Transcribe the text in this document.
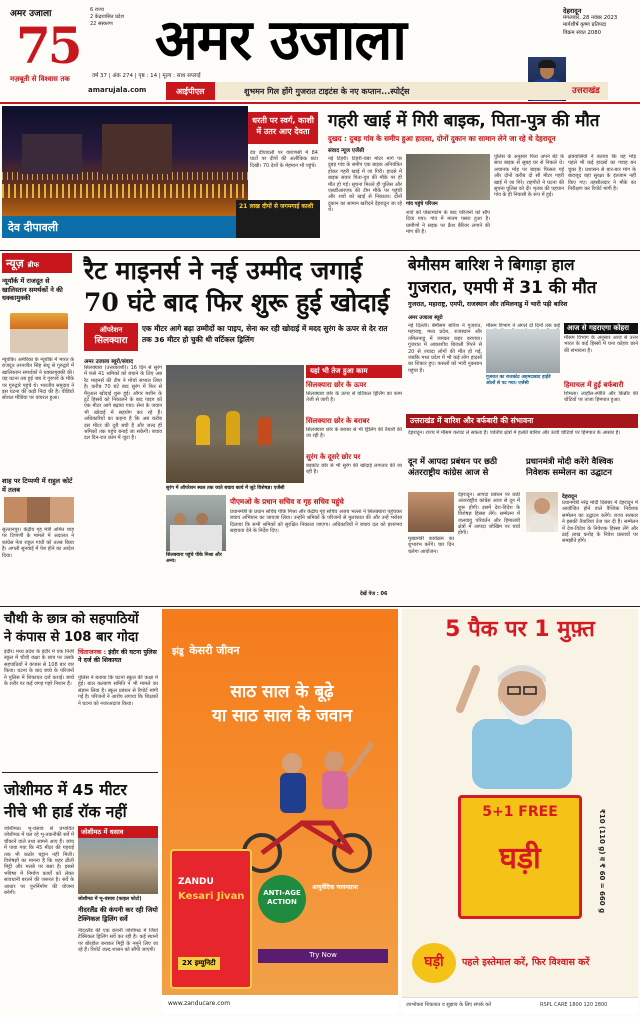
अमर उजाला
75
मज़बूती से विश्वास तक
6 राज्य
2 केंद्रशासित प्रदेश
22 संस्करण अमर उजाला
वर्ष 37 | अंक 274 | पृष्ठ : 14 | मूल्य : साथ सप्लाई
देहरादून
मंगलवार, 28 नवंबर 2023
मार्गशीर्ष कृष्ण प्रतिपदा
विक्रम संवत 2080
amarujala.com	आईपीएल	शुभमन गिल होंगे गुजरात टाइटंस के नए कप्तान...स्पोर्ट्स	उत्तराखंड
धरती पर स्वर्ग, काशी में उतर आए देवता
देव दीपावली पर वाराणसी में 84 घाटों पर दीपों की अलौकिक छटा दिखी। 70 देशों के मेहमान भी पहुंचे।
देव दीपावली
21 लाख दीपों से जगमगाई काशी
गहरी खाई में गिरी बाइक, पिता-पुत्र की मौत
दुखद : दुबड़ गांव के समीप हुआ हादसा, दोनों दुकान का सामान लेने जा रहे थे देहरादून
संवाद न्यूज एजेंसी
नई टिहरी। टिहरी-चंबा मोटर मार्ग पर दुबड़ गांव के समीप एक बाइक अनियंत्रित होकर गहरी खाई में जा गिरी। हादसे में बाइक सवार पिता-पुत्र की मौके पर ही मौत हो गई। सूचना मिलते ही पुलिस और एसडीआरएफ की टीम मौके पर पहुंची और शवों को खाई से निकाला। दोनों दुकान का सामान खरीदने देहरादून जा रहे थे।
गांव पहुंचे परिजन
शवों को पोस्टमार्टम के बाद परिजनों को सौंप दिया गया। गांव में मातम पसरा हुआ है। ग्रामीणों ने सड़क पर क्रैश बैरियर लगाने की मांग की है।
पुलिस के अनुसार पिता अपने बेटे के साथ बाइक से सुबह घर से निकले थे। अचानक मोड़ पर बाइक फिसल गई और दोनों करीब दो सौ मीटर गहरी खाई में जा गिरे। राहगीरों ने घटना की सूचना पुलिस को दी। मृतक की पहचान गांव के ही निवासी के रूप में हुई।
क्षेत्रवासियों ने बताया कि यह मोड़ पहले भी कई हादसों का गवाह बन चुका है। प्रशासन से बार-बार मांग के बावजूद यहां सुरक्षा के इंतजाम नहीं किए गए। तहसीलदार ने मौके का निरीक्षण कर रिपोर्ट मांगी है।
न्यूज़ ब्रीफ
न्यूयॉर्क में राजदूत से खालिस्तान समर्थकों ने की धक्कामुक्की
न्यूयॉर्क। अमेरिका के न्यूयॉर्क में भारत के राजदूत तरनजीत सिंह संधू से गुरुद्वारे में खालिस्तान समर्थकों ने धक्कामुक्की की। यह घटना तब हुई जब वे गुरुपर्व के मौके पर गुरुद्वारे पहुंचे थे। भारतीय समुदाय ने इस घटना की कड़ी निंदा की है। वीडियो सोशल मीडिया पर वायरल हुआ।
शाह पर टिप्पणी में राहुल कोर्ट में तलब
सुल्तानपुर। केंद्रीय गृह मंत्री अमित शाह पर टिप्पणी के मामले में अदालत ने कांग्रेस नेता राहुल गांधी को तलब किया है। अगली सुनवाई में पेश होने का आदेश दिया।
रैट माइनर्स ने नई उम्मीद जगाई
70 घंटे बाद फिर शुरू हुई खोदाई
ऑपरेशन
सिलक्यारा
एक मीटर आगे बढ़ा उम्मीदों का पाइप, सेना कर रही खोदाई में मदद सुरंग के ऊपर से देर रात तक 36 मीटर हो चुकी थी वर्टिकल ड्रिलिंग
अमर उजाला ब्यूरो/संवाद
सिलक्यारा (उत्तरकाशी)। 16 दिन से सुरंग में फंसे 41 श्रमिकों को बचाने के लिए अब रैट माइनर्स की टीम ने मोर्चा संभाल लिया है। करीब 70 घंटे बाद सुरंग में फिर से मैनुअल खोदाई शुरू हुई। ऑगर मशीन के टूटे हिस्सों को निकालने के बाद पाइप को एक मीटर आगे बढ़ाया गया। सेना के जवान भी खोदाई में सहयोग कर रहे हैं। अधिकारियों का कहना है कि अब करीब दस मीटर की दूरी बची है और जल्द ही श्रमिकों तक पहुंच बनाई जा सकेगी। बचाव दल दिन-रात काम में जुटा है।
सुरंग में ऑपरेशन स्थल तक जाते बचाव कार्य में जुटे विशेषज्ञ। एजेंसी
यहां भी तेज हुआ काम
सिलक्यारा छोर के ऊपर
सिलक्यारा छोर के ऊपर से वर्टिकल ड्रिलिंग का काम तेजी से जारी है।
सिलक्यारा छोर के बराबर
सिलक्यारा छोर के बराबर से भी ड्रिलिंग की तैयारी की जा रही है।
सुरंग के दूसरे छोर पर
बड़कोट छोर से भी सुरंग की खोदाई लगातार की जा रही है।
सिलक्यारा पहुंचे पीके मिश्रा और अन्य।
पीएमओ के प्रधान सचिव व गृह सचिव पहुंचे
प्रधानमंत्री के प्रधान सचिव पीके मिश्रा और केंद्रीय गृह सचिव अजय भल्ला ने सिलक्यारा पहुंचकर बचाव अभियान का जायजा लिया। उन्होंने श्रमिकों के परिजनों से मुलाकात की और उन्हें भरोसा दिलाया कि सभी श्रमिकों को सुरक्षित निकाला जाएगा। अधिकारियों ने बचाव दल को हरसंभव सहायता देने के निर्देश दिए।
देखें पेज : 06
बेमौसम बारिश ने बिगाड़ा हाल
गुजरात, एमपी में 31 की मौत
गुजरात, महाराष्ट्र, एमपी, राजस्थान और तमिलनाडु में भारी पड़ी बारिश
अमर उजाला ब्यूरो
नई दिल्ली। बेमौसम बारिश ने गुजरात, महाराष्ट्र, मध्य प्रदेश, राजस्थान और तमिलनाडु में जमकर कहर बरपाया। गुजरात में आकाशीय बिजली गिरने से 20 से ज्यादा लोगों की मौत हो गई, जबकि मध्य प्रदेश में भी कई लोग हादसों का शिकार हुए। फसलों को भारी नुकसान पहुंचा है।
मौसम विभाग ने अगले दो दिनों तक कई
गुजरात का राजकोट अहमदाबाद हाईवे ओलों से पट गया। एजेंसी
आज से गहराएगा कोहरा
मौसम विभाग के अनुसार आज से उत्तर भारत के कई हिस्सों में घना कोहरा छाने की संभावना है।
हिमाचल में हुई बर्फबारी
शिमला। लाहौल-स्पीति और किन्नौर की चोटियों पर ताजा हिमपात हुआ।
उत्तराखंड में बारिश और बर्फबारी की संभावना
देहरादून। राज्य में मौसम करवट ले सकता है। पर्वतीय क्षेत्रों में हल्की बारिश और ऊंची चोटियों पर हिमपात के आसार हैं।
दून में आपदा प्रबंधन पर छठी अंतरराष्ट्रीय कांग्रेस आज से
देहरादून। आपदा प्रबंधन पर छठी अंतरराष्ट्रीय कांग्रेस आज से दून में शुरू होगी। इसमें देश-विदेश के विशेषज्ञ हिस्सा लेंगे। सम्मेलन में जलवायु परिवर्तन और हिमालयी क्षेत्रों में आपदा जोखिम पर चर्चा होगी।
मुख्यमंत्री कार्यक्रम का शुभारंभ करेंगे। चार दिन चलेगा आयोजन।
प्रधानमंत्री मोदी करेंगे वैश्विक निवेशक सम्मेलन का उद्घाटन
देहरादून
प्रधानमंत्री नरेंद्र मोदी दिसंबर में देहरादून में आयोजित होने वाले वैश्विक निवेशक सम्मेलन का उद्घाटन करेंगे। राज्य सरकार ने इसकी तैयारियां तेज कर दी हैं। सम्मेलन में देश-विदेश के निवेशक हिस्सा लेंगे और ढाई लाख करोड़ के निवेश प्रस्तावों पर समझौते होंगे।
चौथी के छात्र को सहपाठियों
ने कंपास से 108 बार गोदा
इंदौर। मध्य प्रदेश के इंदौर में एक निजी स्कूल में चौथी कक्षा के छात्र पर उसके सहपाठियों ने कंपास से 108 बार वार किया। घटना के बाद बच्चे के परिजनों ने पुलिस में शिकायत दर्ज कराई। बच्चे के शरीर पर कई जगह गहरे निशान हैं।
चिंताजनक : इंदौर की घटना पुलिस ने दर्ज की शिकायत
पुलिस ने बताया कि घटना स्कूल की कक्षा में हुई। बाल कल्याण समिति ने भी मामले का संज्ञान लिया है। स्कूल प्रबंधन से रिपोर्ट मांगी गई है। परिजनों ने आरोप लगाया कि शिक्षकों ने घटना को नजरअंदाज किया।
जोशीमठ में 45 मीटर
नीचे भी हार्ड रॉक नहीं
जोशीमठ। भू-धंसाव से प्रभावित जोशीमठ में चल रहे भू-तकनीकी सर्वे में चौंकाने वाले तथ्य सामने आए हैं। जांच में पाया गया कि 45 मीटर की गहराई तक भी कठोर चट्टान नहीं मिली। विशेषज्ञों का मानना है कि शहर ढीली मिट्टी और मलबे पर बसा है। इससे भविष्य में निर्माण कार्यों को लेकर सावधानी बरतने की जरूरत है। सर्वे के आधार पर पुनर्निर्माण की योजना बनेगी।
जोशीमठ में धसाव
जोशीमठ में भू-धंसाव (फाइल फोटो)
नीदरलैंड की कंपनी कर रही जियो टेक्निकल ड्रिलिंग सर्वे
नीदरलैंड की एक कंपनी जोशीमठ में जियो टेक्निकल ड्रिलिंग सर्वे कर रही है। कई स्थानों पर बोरहोल बनाकर मिट्टी के नमूने लिए जा रहे हैं। रिपोर्ट जल्द शासन को सौंपी जाएगी।
झंडू केसरी जीवन
साठ साल के बूढ़े
या साठ साल के जवान
ZANDU
Kesari Jivan
2X इम्युनिटी
ANTI-AGE ACTION
आयुर्वेदिक च्यवनप्राश
Try Now
www.zanducare.com
5 पैक पर 1 मुफ़्त
5+1 FREE
घड़ी	₹10 (110 g) व ₹ 60 = 660 g
घड़ी	पहले इस्तेमाल करें, फिर विश्वास करें
उपभोक्ता शिकायत व सुझाव के लिए संपर्क करें	RSPL CARE 1800 120 2800
